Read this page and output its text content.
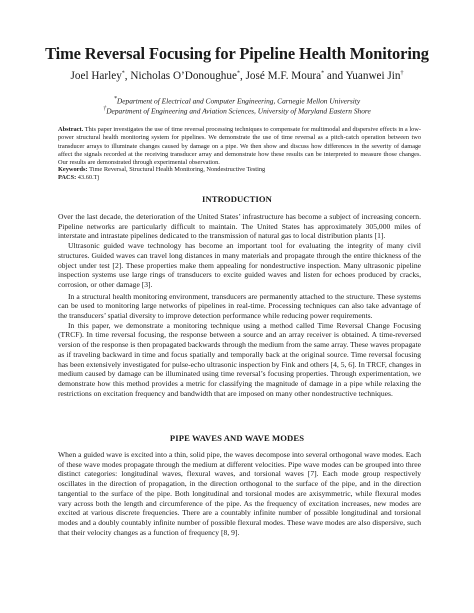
Time Reversal Focusing for Pipeline Health Monitoring
Joel Harley*, Nicholas O’Donoughue*, José M.F. Moura* and Yuanwei Jin†
*Department of Electrical and Computer Engineering, Carnegie Mellon University
†Department of Engineering and Aviation Sciences, University of Maryland Eastern Shore
Abstract. This paper investigates the use of time reversal processing techniques to compensate for multimodal and dispersive effects in a low-power structural health monitoring system for pipelines. We demonstrate the use of time reversal as a pitch-catch operation between two transducer arrays to illuminate changes caused by damage on a pipe. We then show and discuss how differences in the severity of damage affect the signals recorded at the receiving transducer array and demonstrate how these results can be interpreted to measure those changes. Our results are demonstrated through experimental observation.
Keywords: Time Reversal, Structural Health Monitoring, Nondestructive Testing
PACS: 43.60.Tj
INTRODUCTION

Over the last decade, the deterioration of the United States’ infrastructure has become a subject of increasing concern. Pipeline networks are particularly difficult to maintain. The United States has approximately 305,000 miles of interstate and intrastate pipelines dedicated to the transmission of natural gas to local distribution plants [1].

Ultrasonic guided wave technology has become an important tool for evaluating the integrity of many civil structures. Guided waves can travel long distances in many materials and propagate through the entire thickness of the object under test [2]. These properties make them appealing for nondestructive inspection. Many ultrasonic pipeline inspection systems use large rings of transducers to excite guided waves and listen for echoes produced by cracks, corrosion, or other damage [3].

In a structural health monitoring environment, transducers are permanently attached to the structure. These systems can be used to monitoring large networks of pipelines in real-time. Processing techniques can also take advantage of the transducers’ spatial diversity to improve detection performance while reducing power requirements.

In this paper, we demonstrate a monitoring technique using a method called Time Reversal Change Focusing (TRCF). In time reversal focusing, the response between a source and an array receiver is obtained. A time-reversed version of the response is then propagated backwards through the medium from the same array. These waves propagate as if traveling backward in time and focus spatially and temporally back at the original source. Time reversal focusing has been extensively investigated for pulse-echo ultrasonic inspection by Fink and others [4, 5, 6]. In TRCF, changes in medium caused by damage can be illuminated using time reversal’s focusing properties. Through experimentation, we demonstrate how this method provides a metric for classifying the magnitude of damage in a pipe while relaxing the restrictions on excitation frequency and bandwidth that are imposed on many other nondestructive techniques.

PIPE WAVES AND WAVE MODES

When a guided wave is excited into a thin, solid pipe, the waves decompose into several orthogonal wave modes. Each of these wave modes propagate through the medium at different velocities. Pipe wave modes can be grouped into three distinct categories: longitudinal waves, flexural waves, and torsional waves [7]. Each mode group respectively oscillates in the direction of propagation, in the direction orthogonal to the surface of the pipe, and in the direction tangential to the surface of the pipe. Both longitudinal and torsional modes are axisymmetric, while flexural modes vary across both the length and circumference of the pipe. As the frequency of excitation increases, new modes are excited at various discrete frequencies. There are a countably infinite number of possible longitudinal and torsional modes and a doubly countably infinite number of possible flexural modes. These wave modes are also dispersive, such that their velocity changes as a function of frequency [8, 9].
